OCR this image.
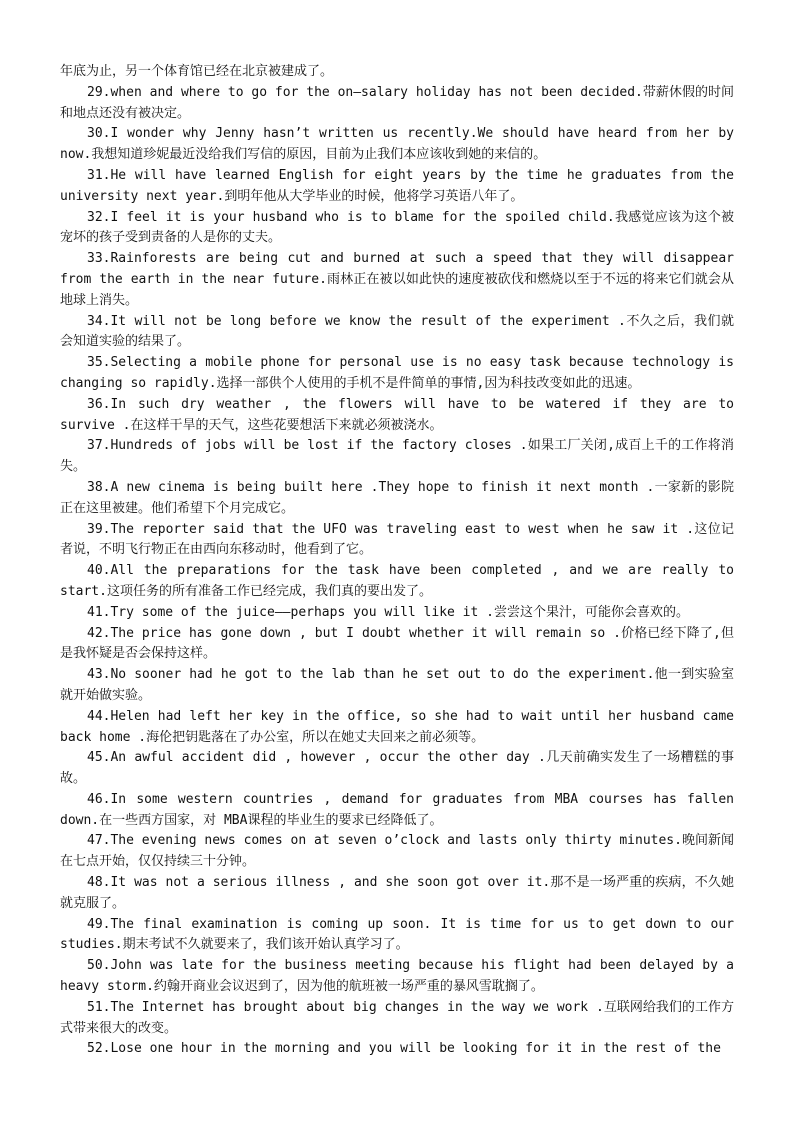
年底为止，另一个体育馆已经在北京被建成了。

29.when and where to go for the on—salary holiday has not been decided.带薪休假的时间和地点还没有被决定。

30.I wonder why Jenny hasn’t written us recently.We should have heard from her by now.我想知道珍妮最近没给我们写信的原因，目前为止我们本应该收到她的来信的。

31.He will have learned English for eight years by the time he graduates from the university next year.到明年他从大学毕业的时候，他将学习英语八年了。

32.I feel it is your husband who is to blame for the spoiled child.我感觉应该为这个被宠坏的孩子受到责备的人是你的丈夫。

33.Rainforests are being cut and burned at such a speed that they will disappear from the earth in the near future.雨林正在被以如此快的速度被砍伐和燃烧以至于不远的将来它们就会从地球上消失。

34.It will not be long before we know the result of the experiment .不久之后，我们就会知道实验的结果了。

35.Selecting a mobile phone for personal use is no easy task because technology is changing so rapidly.选择一部供个人使用的手机不是件简单的事情,因为科技改变如此的迅速。

36.In such dry weather , the flowers will have to be watered if they are to survive .在这样干旱的天气，这些花要想活下来就必须被浇水。

37.Hundreds of jobs will be lost if the factory closes .如果工厂关闭,成百上千的工作将消失。

38.A new cinema is being built here .They hope to finish it next month .一家新的影院正在这里被建。他们希望下个月完成它。

39.The reporter said that the UFO was traveling east to west when he saw it .这位记者说，不明飞行物正在由西向东移动时，他看到了它。

40.All the preparations for the task have been completed , and we are really to start.这项任务的所有准备工作已经完成，我们真的要出发了。

41.Try some of the juice——perhaps you will like it .尝尝这个果汁，可能你会喜欢的。

42.The price has gone down , but I doubt whether it will remain so .价格已经下降了,但是我怀疑是否会保持这样。

43.No sooner had he got to the lab than he set out to do the experiment.他一到实验室就开始做实验。

44.Helen had left her key in the office, so she had to wait until her husband came back home .海伦把钥匙落在了办公室，所以在她丈夫回来之前必须等。

45.An awful accident did , however , occur the other day .几天前确实发生了一场糟糕的事故。

46.In some western countries , demand for graduates from MBA courses has fallen down.在一些西方国家，对 MBA课程的毕业生的要求已经降低了。

47.The evening news comes on at seven o’clock and lasts only thirty minutes.晚间新闻在七点开始，仅仅持续三十分钟。

48.It was not a serious illness , and she soon got over it.那不是一场严重的疾病，不久她就克服了。

49.The final examination is coming up soon. It is time for us to get down to our studies.期末考试不久就要来了，我们该开始认真学习了。

50.John was late for the business meeting because his flight had been delayed by a heavy storm.约翰开商业会议迟到了，因为他的航班被一场严重的暴风雪耽搁了。

51.The Internet has brought about big changes in the way we work .互联网给我们的工作方式带来很大的改变。

52.Lose one hour in the morning and you will be looking for it in the rest of the
